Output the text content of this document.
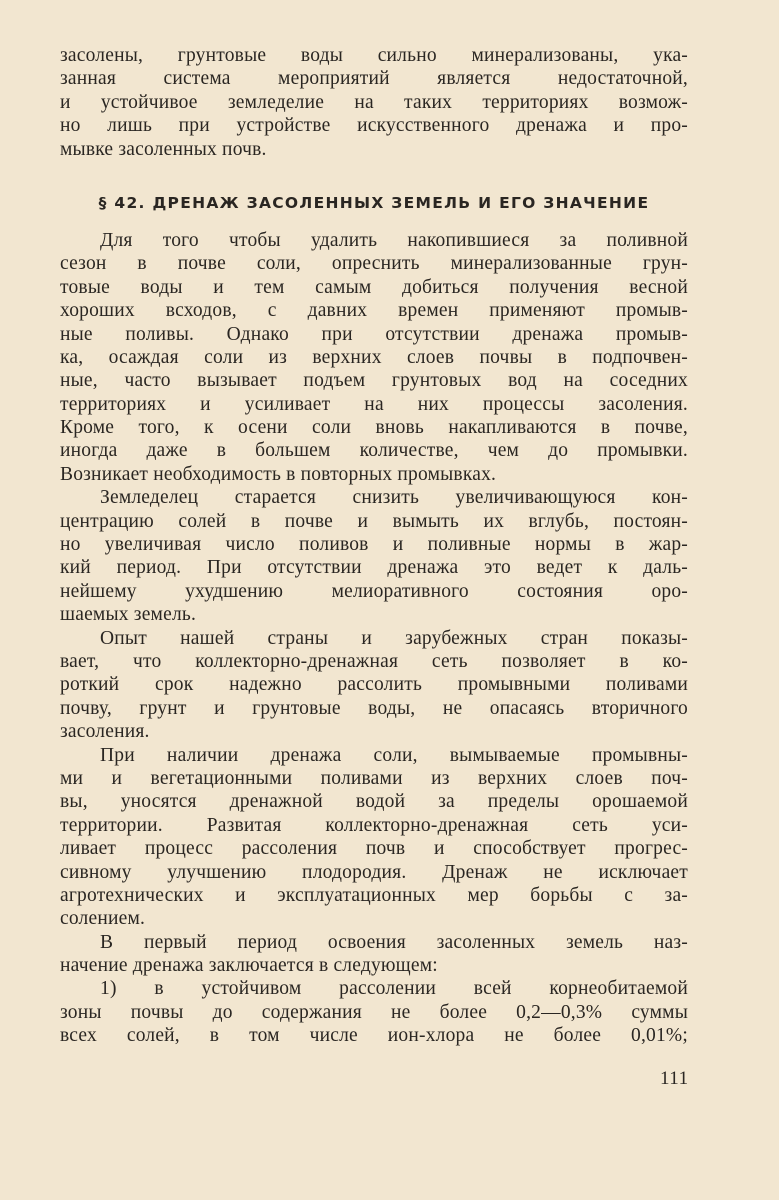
засолены, грунтовые воды сильно минерализованы, ука-
занная система мероприятий является недостаточной,
и устойчивое земледелие на таких территориях возмож-
но лишь при устройстве искусственного дренажа и про-
мывке засоленных почв.
§ 42. ДРЕНАЖ ЗАСОЛЕННЫХ ЗЕМЕЛЬ И ЕГО ЗНАЧЕНИЕ
Для того чтобы удалить накопившиеся за поливной
сезон в почве соли, опреснить минерализованные грун-
товые воды и тем самым добиться получения весной
хороших всходов, с давних времен применяют промыв-
ные поливы. Однако при отсутствии дренажа промыв-
ка, осаждая соли из верхних слоев почвы в подпочвен-
ные, часто вызывает подъем грунтовых вод на соседних
территориях и усиливает на них процессы засоления.
Кроме того, к осени соли вновь накапливаются в почве,
иногда даже в большем количестве, чем до промывки.
Возникает необходимость в повторных промывках.
Земледелец старается снизить увеличивающуюся кон-
центрацию солей в почве и вымыть их вглубь, постоян-
но увеличивая число поливов и поливные нормы в жар-
кий период. При отсутствии дренажа это ведет к даль-
нейшему ухудшению мелиоративного состояния оро-
шаемых земель.
Опыт нашей страны и зарубежных стран показы-
вает, что коллекторно-дренажная сеть позволяет в ко-
роткий срок надежно рассолить промывными поливами
почву, грунт и грунтовые воды, не опасаясь вторичного
засоления.
При наличии дренажа соли, вымываемые промывны-
ми и вегетационными поливами из верхних слоев поч-
вы, уносятся дренажной водой за пределы орошаемой
территории. Развитая коллекторно-дренажная сеть уси-
ливает процесс рассоления почв и способствует прогрес-
сивному улучшению плодородия. Дренаж не исключает
агротехнических и эксплуатационных мер борьбы с за-
солением.
В первый период освоения засоленных земель наз-
начение дренажа заключается в следующем:
1) в устойчивом рассолении всей корнеобитаемой
зоны почвы до содержания не более 0,2—0,3% суммы
всех солей, в том числе ион-хлора не более 0,01%;
111
